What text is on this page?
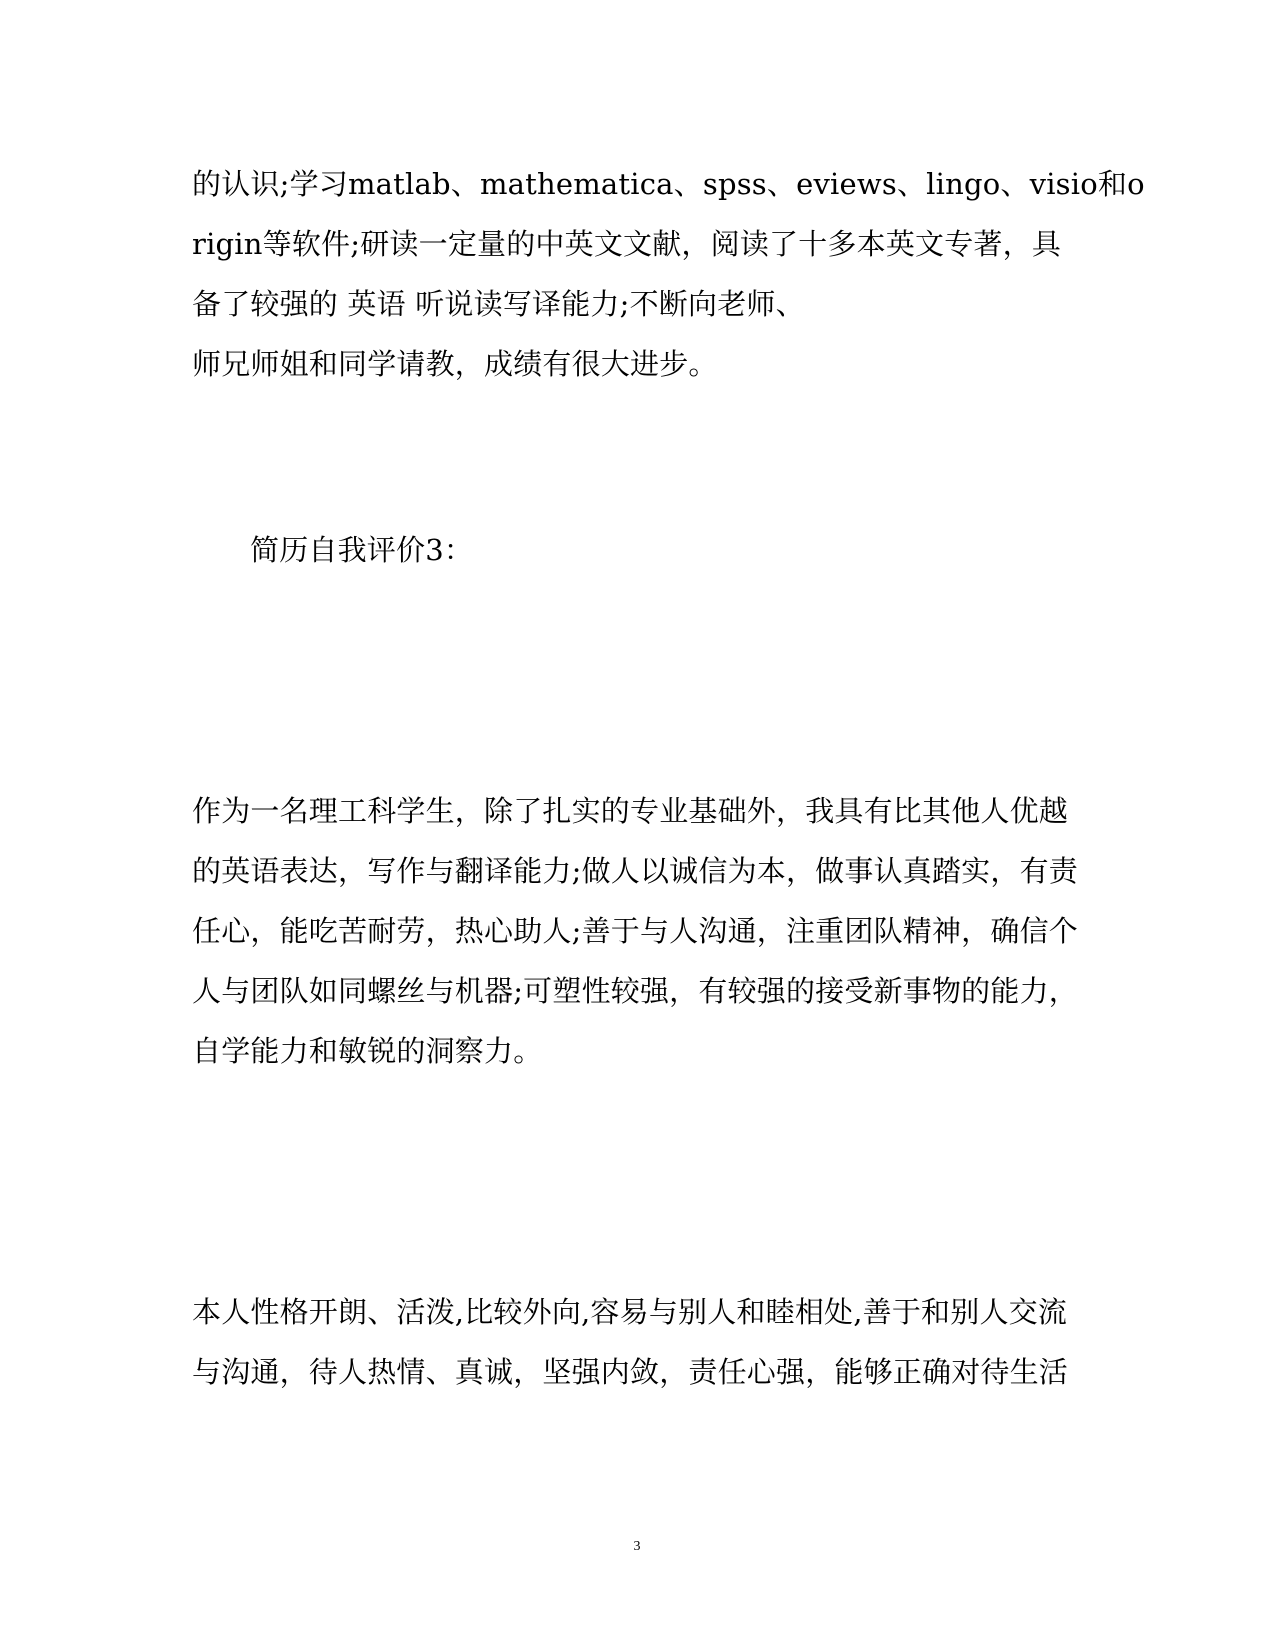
的认识;学习matlab、mathematica、spss、eviews、lingo、visio和o
rigin等软件;研读一定量的中英文文献，阅读了十多本英文专著，具
备了较强的 英语 听说读写译能力;不断向老师、
师兄师姐和同学请教，成绩有很大进步。
简历自我评价3：
作为一名理工科学生，除了扎实的专业基础外，我具有比其他人优越
的英语表达，写作与翻译能力;做人以诚信为本，做事认真踏实，有责
任心，能吃苦耐劳，热心助人;善于与人沟通，注重团队精神，确信个
人与团队如同螺丝与机器;可塑性较强，有较强的接受新事物的能力，
自学能力和敏锐的洞察力。
本人性格开朗、活泼,比较外向,容易与别人和睦相处,善于和别人交流
与沟通，待人热情、真诚，坚强内敛，责任心强，能够正确对待生活
3
